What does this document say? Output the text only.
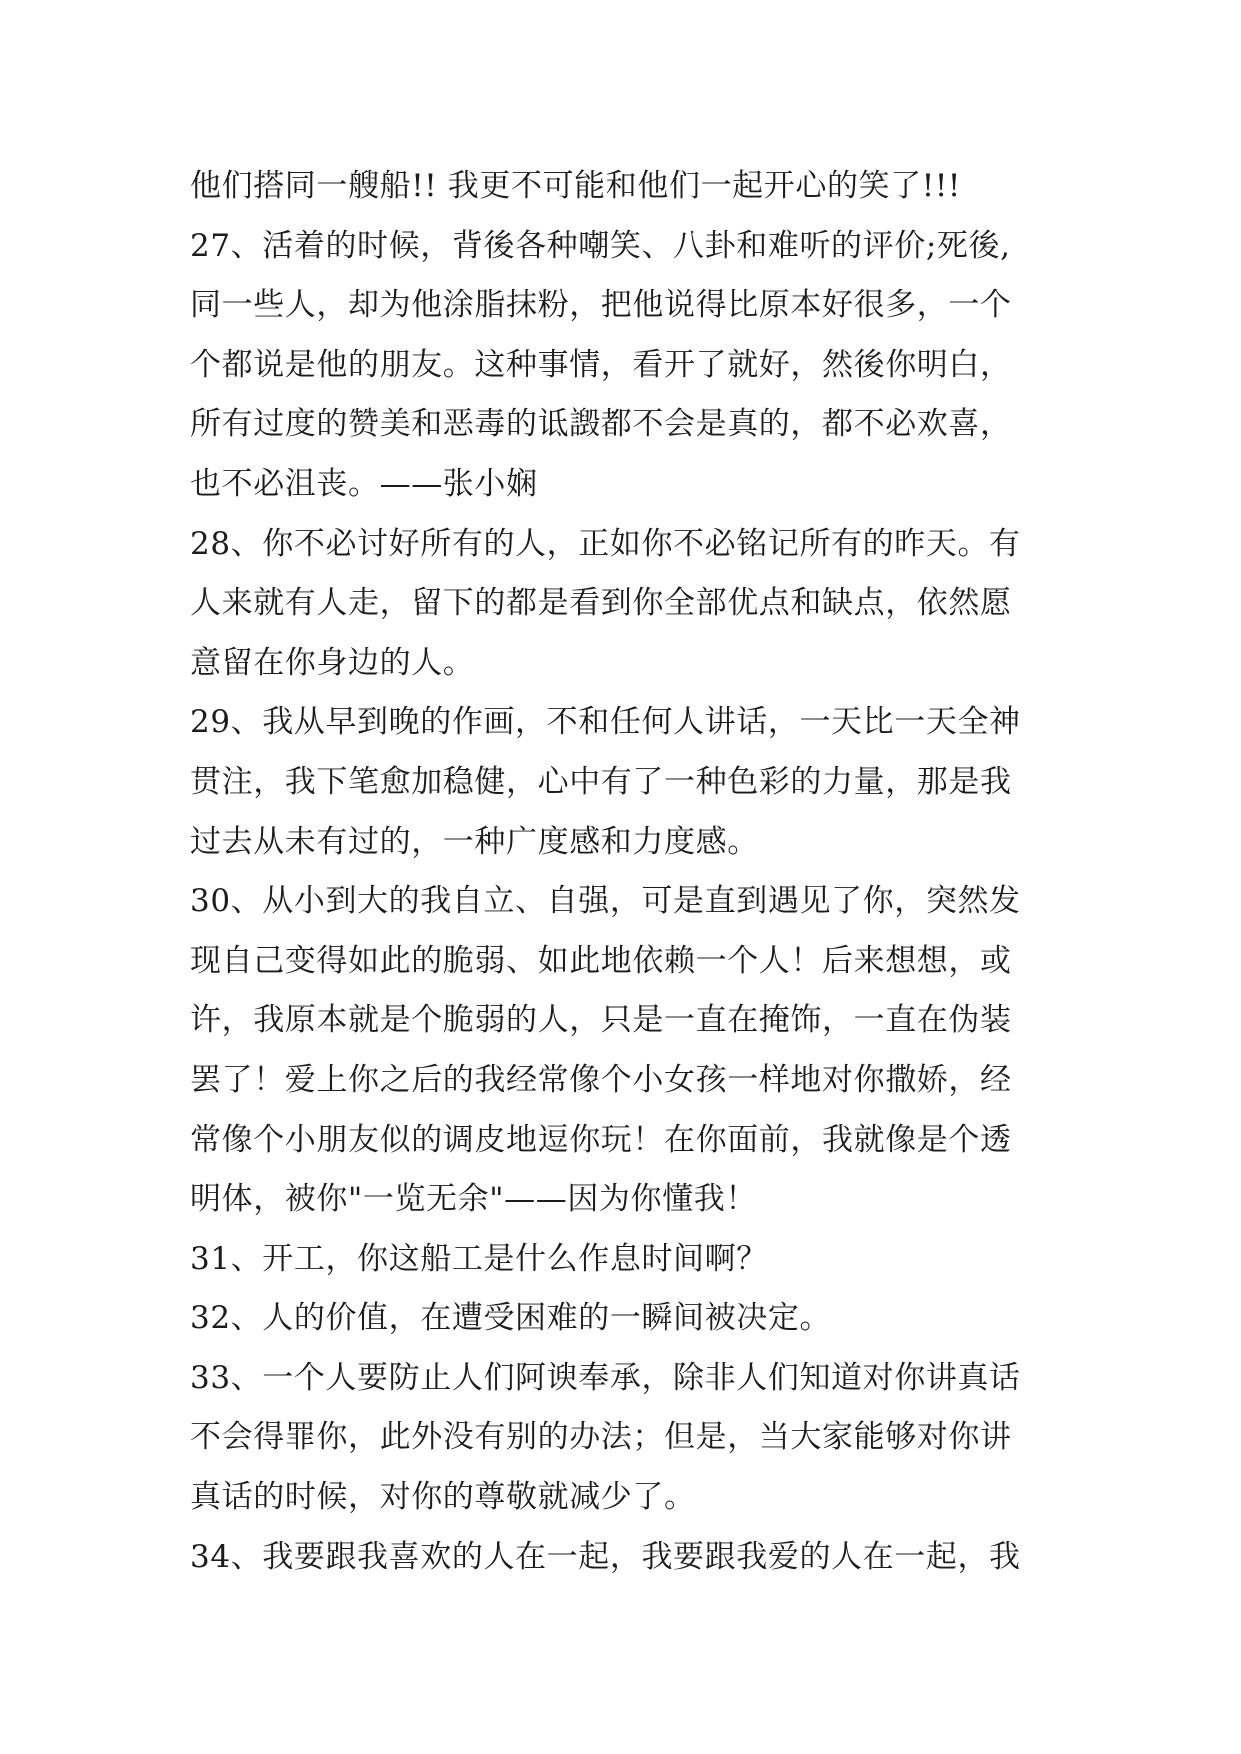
他们搭同一艘船!! 我更不可能和他们一起开心的笑了!!!
27、活着的时候，背後各种嘲笑、八卦和难听的评价;死後,
同一些人，却为他涂脂抹粉，把他说得比原本好很多，一个
个都说是他的朋友。这种事情，看开了就好，然後你明白，
所有过度的赞美和恶毒的诋譭都不会是真的，都不必欢喜，
也不必沮丧。——张小娴
28、你不必讨好所有的人，正如你不必铭记所有的昨天。有
人来就有人走，留下的都是看到你全部优点和缺点，依然愿
意留在你身边的人。
29、我从早到晚的作画，不和任何人讲话，一天比一天全神
贯注，我下笔愈加稳健，心中有了一种色彩的力量，那是我
过去从未有过的，一种广度感和力度感。
30、从小到大的我自立、自强，可是直到遇见了你，突然发
现自己变得如此的脆弱、如此地依赖一个人！后来想想，或
许，我原本就是个脆弱的人，只是一直在掩饰，一直在伪装
罢了！爱上你之后的我经常像个小女孩一样地对你撒娇，经
常像个小朋友似的调皮地逗你玩！在你面前，我就像是个透
明体，被你"一览无余"——因为你懂我！
31、开工，你这船工是什么作息时间啊？
32、人的价值，在遭受困难的一瞬间被决定。
33、一个人要防止人们阿谀奉承，除非人们知道对你讲真话
不会得罪你，此外没有别的办法；但是，当大家能够对你讲
真话的时候，对你的尊敬就减少了。
34、我要跟我喜欢的人在一起，我要跟我爱的人在一起，我
